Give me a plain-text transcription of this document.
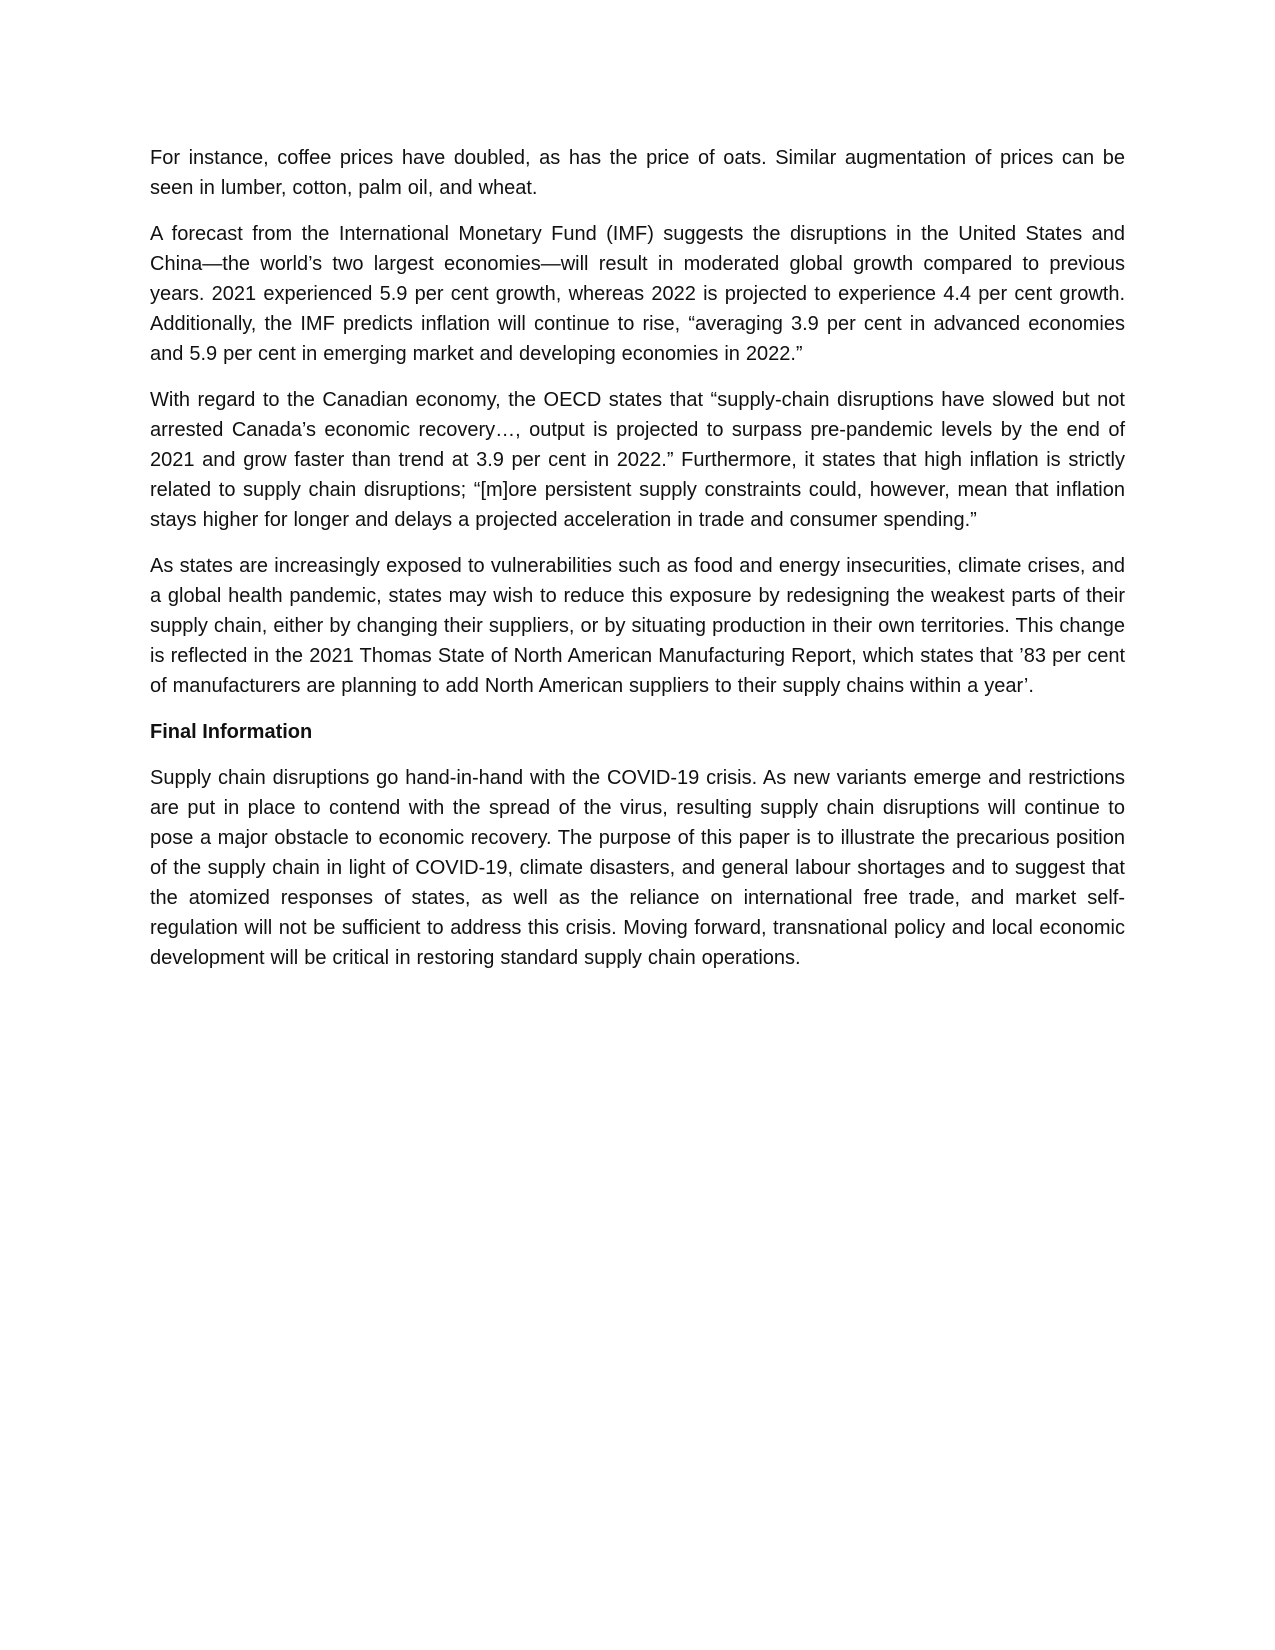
For instance, coffee prices have doubled, as has the price of oats. Similar augmentation of prices can be seen in lumber, cotton, palm oil, and wheat.

A forecast from the International Monetary Fund (IMF) suggests the disruptions in the United States and China—the world’s two largest economies—will result in moderated global growth compared to previous years. 2021 experienced 5.9 per cent growth, whereas 2022 is projected to experience 4.4 per cent growth. Additionally, the IMF predicts inflation will continue to rise, “averaging 3.9 per cent in advanced economies and 5.9 per cent in emerging market and developing economies in 2022.”

With regard to the Canadian economy, the OECD states that “supply-chain disruptions have slowed but not arrested Canada’s economic recovery…, output is projected to surpass pre-pandemic levels by the end of 2021 and grow faster than trend at 3.9 per cent in 2022.” Furthermore, it states that high inflation is strictly related to supply chain disruptions; “[m]ore persistent supply constraints could, however, mean that inflation stays higher for longer and delays a projected acceleration in trade and consumer spending.”

As states are increasingly exposed to vulnerabilities such as food and energy insecurities, climate crises, and a global health pandemic, states may wish to reduce this exposure by redesigning the weakest parts of their supply chain, either by changing their suppliers, or by situating production in their own territories. This change is reflected in the 2021 Thomas State of North American Manufacturing Report, which states that ’83 per cent of manufacturers are planning to add North American suppliers to their supply chains within a year’.

Final Information

Supply chain disruptions go hand-in-hand with the COVID-19 crisis. As new variants emerge and restrictions are put in place to contend with the spread of the virus, resulting supply chain disruptions will continue to pose a major obstacle to economic recovery. The purpose of this paper is to illustrate the precarious position of the supply chain in light of COVID-19, climate disasters, and general labour shortages and to suggest that the atomized responses of states, as well as the reliance on international free trade, and market self-regulation will not be sufficient to address this crisis. Moving forward, transnational policy and local economic development will be critical in restoring standard supply chain operations.
